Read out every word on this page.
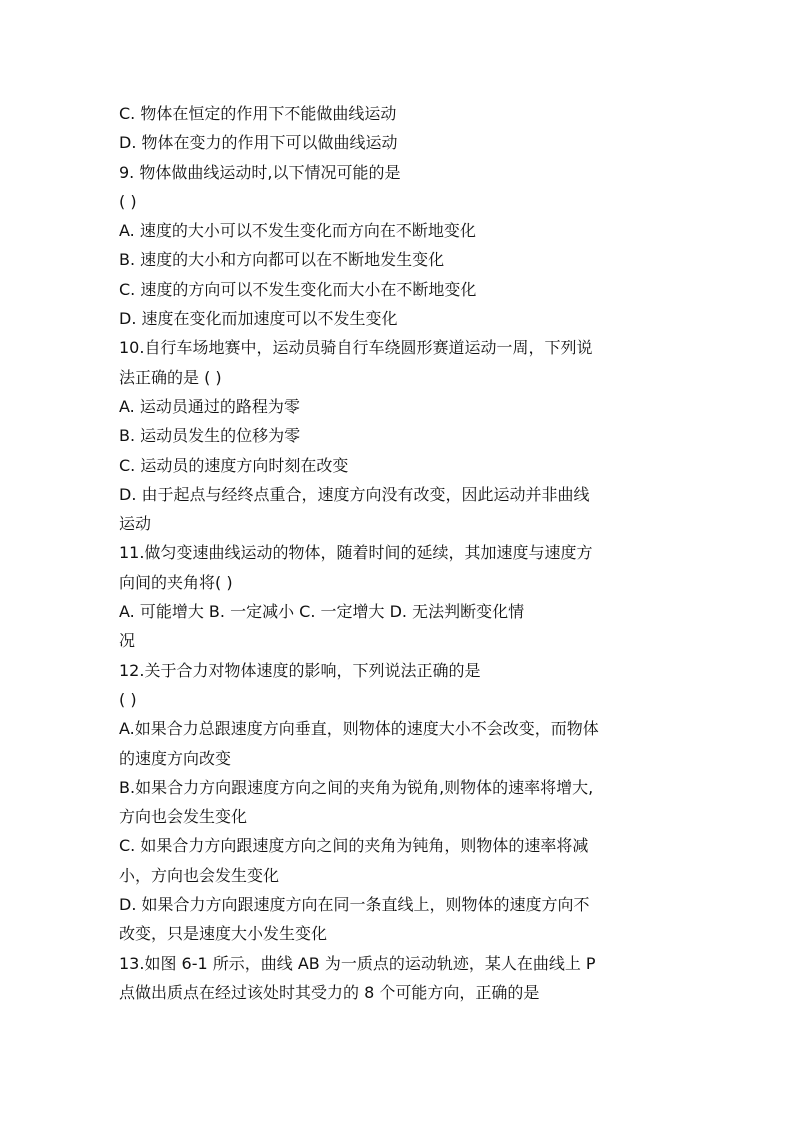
C. 物体在恒定的作用下不能做曲线运动
D. 物体在变力的作用下可以做曲线运动
9. 物体做曲线运动时,以下情况可能的是
( )
A. 速度的大小可以不发生变化而方向在不断地变化
B. 速度的大小和方向都可以在不断地发生变化
C. 速度的方向可以不发生变化而大小在不断地变化
D. 速度在变化而加速度可以不发生变化
10.自行车场地赛中，运动员骑自行车绕圆形赛道运动一周，下列说
法正确的是 ( )
A. 运动员通过的路程为零
B. 运动员发生的位移为零
C. 运动员的速度方向时刻在改变
D. 由于起点与经终点重合，速度方向没有改变，因此运动并非曲线
运动
11.做匀变速曲线运动的物体，随着时间的延续，其加速度与速度方
向间的夹角将( )
A. 可能增大 B. 一定减小 C. 一定增大 D. 无法判断变化情
况
12.关于合力对物体速度的影响，下列说法正确的是
( )
A.如果合力总跟速度方向垂直，则物体的速度大小不会改变，而物体
的速度方向改变
B.如果合力方向跟速度方向之间的夹角为锐角,则物体的速率将增大,
方向也会发生变化
C. 如果合力方向跟速度方向之间的夹角为钝角，则物体的速率将减
小，方向也会发生变化
D. 如果合力方向跟速度方向在同一条直线上，则物体的速度方向不
改变，只是速度大小发生变化
13.如图 6-1 所示，曲线 AB 为一质点的运动轨迹，某人在曲线上 P
点做出质点在经过该处时其受力的 8 个可能方向，正确的是
